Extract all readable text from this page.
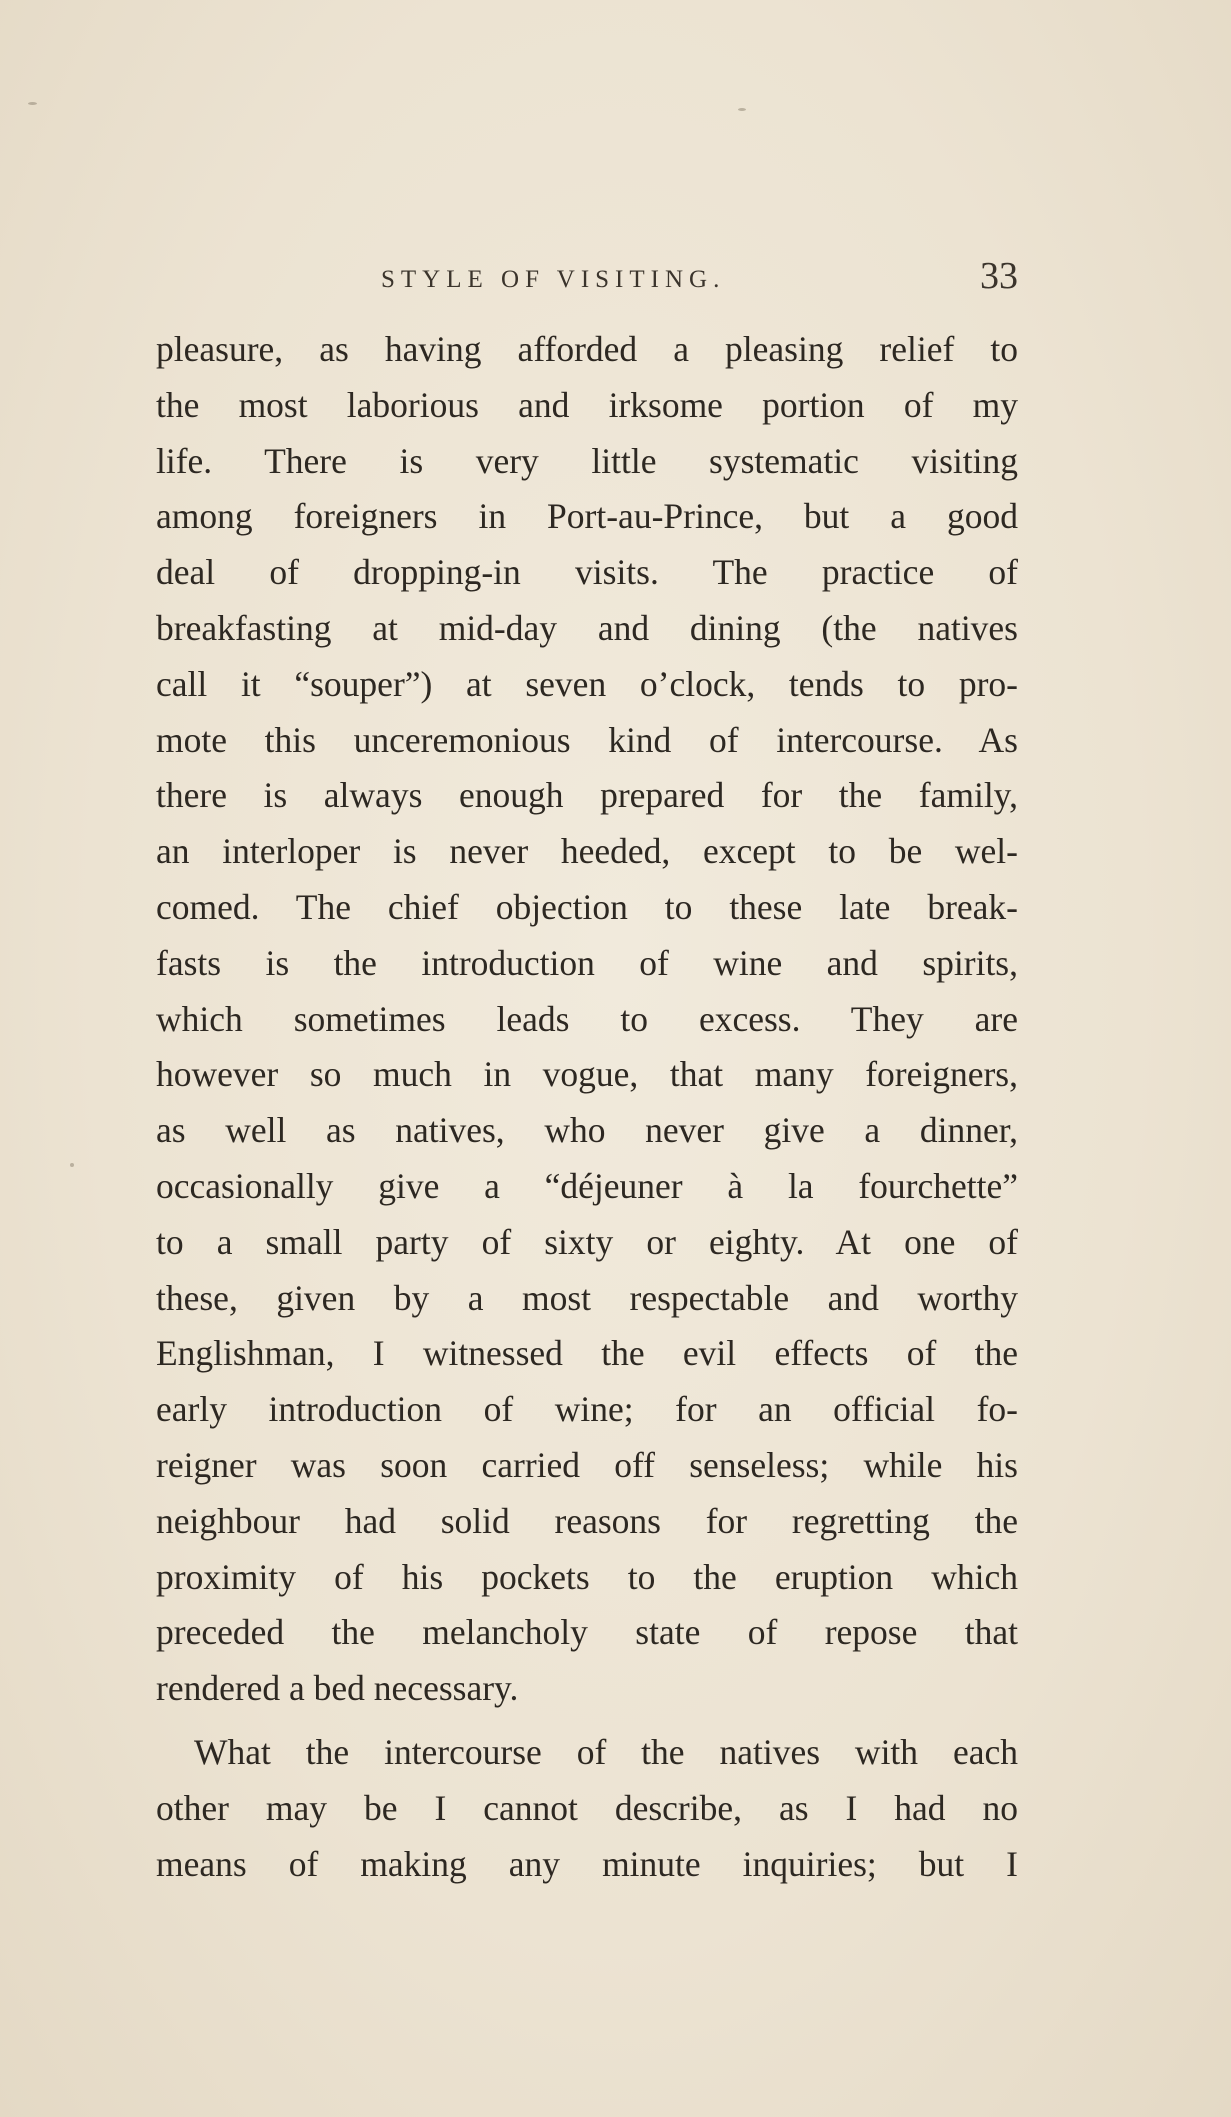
STYLE OF VISITING.	33
pleasure, as having afforded a pleasing relief to
the most laborious and irksome portion of my
life. There is very little systematic visiting
among foreigners in Port-au-Prince, but a good
deal of dropping-in visits. The practice of
breakfasting at mid-day and dining (the natives
call it “souper”) at seven o’clock, tends to pro-
mote this unceremonious kind of intercourse. As
there is always enough prepared for the family,
an interloper is never heeded, except to be wel-
comed. The chief objection to these late break-
fasts is the introduction of wine and spirits,
which sometimes leads to excess. They are
however so much in vogue, that many foreigners,
as well as natives, who never give a dinner,
occasionally give a “déjeuner à la fourchette”
to a small party of sixty or eighty. At one of
these, given by a most respectable and worthy
Englishman, I witnessed the evil effects of the
early introduction of wine; for an official fo-
reigner was soon carried off senseless; while his
neighbour had solid reasons for regretting the
proximity of his pockets to the eruption which
preceded the melancholy state of repose that
rendered a bed necessary.
What the intercourse of the natives with each
other may be I cannot describe, as I had no
means of making any minute inquiries; but I
